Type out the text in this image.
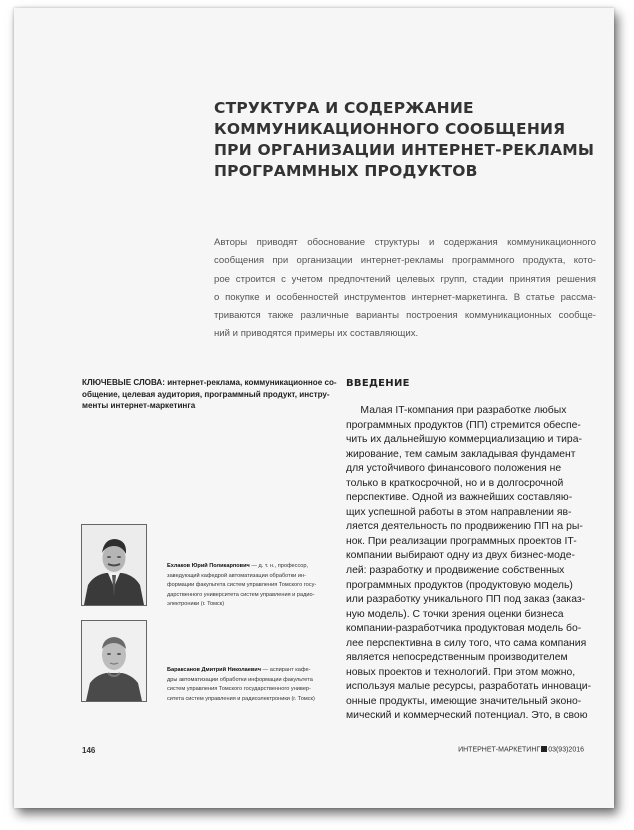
СТРУКТУРА И СОДЕРЖАНИЕ
КОММУНИКАЦИОННОГО СООБЩЕНИЯ
ПРИ ОРГАНИЗАЦИИ ИНТЕРНЕТ-РЕКЛАМЫ
ПРОГРАММНЫХ ПРОДУКТОВ
Авторы приводят обоснование структуры и содержания коммуникационного
сообщения при организации интернет-рекламы программного продукта, кото-
рое строится с учетом предпочтений целевых групп, стадии принятия решения
о покупке и особенностей инструментов интернет-маркетинга. В статье рассма-
триваются также различные варианты построения коммуникационных сообще-
ний и приводятся примеры их составляющих.
КЛЮЧЕВЫЕ СЛОВА: интернет-реклама, коммуникационное со-
общение, целевая аудитория, программный продукт, инстру-
менты интернет-маркетинга
ВВЕДЕНИЕ
Малая IT-компания при разработке любых
программных продуктов (ПП) стремится обеспе-
чить их дальнейшую коммерциализацию и тира-
жирование, тем самым закладывая фундамент
для устойчивого финансового положения не
только в краткосрочной, но и в долгосрочной
перспективе. Одной из важнейших составляю-
щих успешной работы в этом направлении яв-
ляется деятельность по продвижению ПП на ры-
нок. При реализации программных проектов IT-
компании выбирают одну из двух бизнес-моде-
лей: разработку и продвижение собственных
программных продуктов (продуктовую модель)
или разработку уникального ПП под заказ (заказ-
ную модель). С точки зрения оценки бизнеса
компании-разработчика продуктовая модель бо-
лее перспективна в силу того, что сама компания
является непосредственным производителем
новых проектов и технологий. При этом можно,
используя малые ресурсы, разработать инноваци-
онные продукты, имеющие значительный эконо-
мический и коммерческий потенциал. Это, в свою
Ехлаков Юрий Поликарпович — д. т. н., профессор,
заведующий кафедрой автоматизации обработки ин-
формации факультета систем управления Томского госу-
дарственного университета систем управления и радио-
электроники (г. Томск)
Бараксанов Дмитрий Николаевич — аспирант кафе-
дры автоматизации обработки информации факультета
систем управления Томского государственного универ-
ситета систем управления и радиоэлектроники (г. Томск)
146	ИНТЕРНЕТ-МАРКЕТИНГ 03(93)2016
